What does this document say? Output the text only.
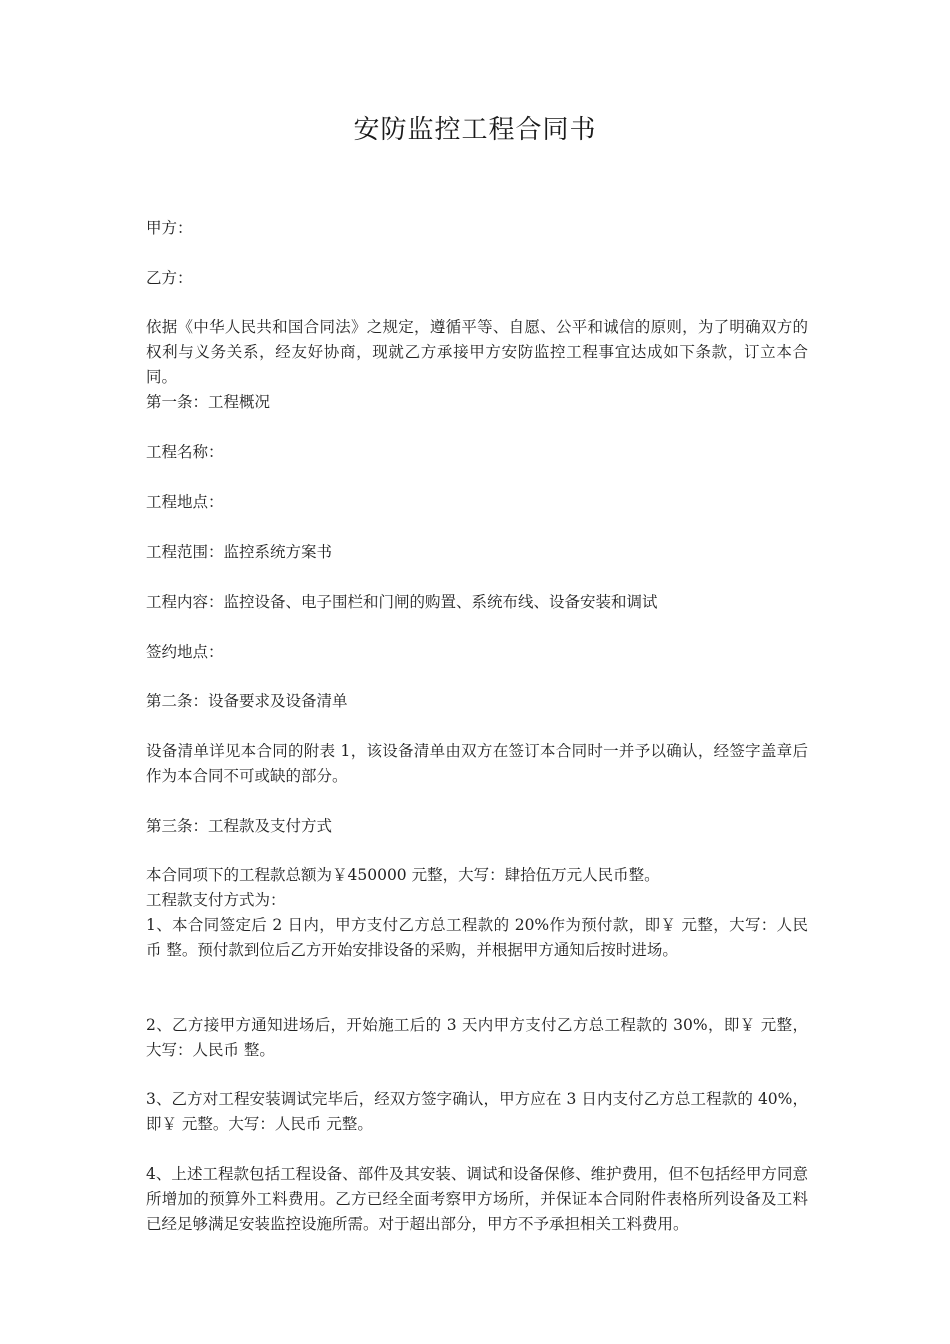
安防监控工程合同书
甲方：
乙方：
依据《中华人民共和国合同法》之规定，遵循平等、自愿、公平和诚信的原则，为了明确双方的权利与义务关系，经友好协商，现就乙方承接甲方安防监控工程事宜达成如下条款，订立本合同。
第一条：工程概况
工程名称：
工程地点：
工程范围：监控系统方案书
工程内容：监控设备、电子围栏和门闸的购置、系统布线、设备安装和调试
签约地点：
第二条：设备要求及设备清单
设备清单详见本合同的附表 1，该设备清单由双方在签订本合同时一并予以确认，经签字盖章后作为本合同不可或缺的部分。
第三条：工程款及支付方式
本合同项下的工程款总额为￥450000 元整，大写：肆拾伍万元人民币整。
工程款支付方式为：
1、本合同签定后 2 日内，甲方支付乙方总工程款的 20%作为预付款，即￥ 元整，大写：人民币 整。预付款到位后乙方开始安排设备的采购，并根据甲方通知后按时进场。
2、乙方接甲方通知进场后，开始施工后的 3 天内甲方支付乙方总工程款的 30%，即￥ 元整，大写：人民币 整。
3、乙方对工程安装调试完毕后，经双方签字确认，甲方应在 3 日内支付乙方总工程款的 40%，即￥ 元整。大写：人民币 元整。
4、上述工程款包括工程设备、部件及其安装、调试和设备保修、维护费用，但不包括经甲方同意所增加的预算外工料费用。乙方已经全面考察甲方场所，并保证本合同附件表格所列设备及工料已经足够满足安装监控设施所需。对于超出部分，甲方不予承担相关工料费用。
